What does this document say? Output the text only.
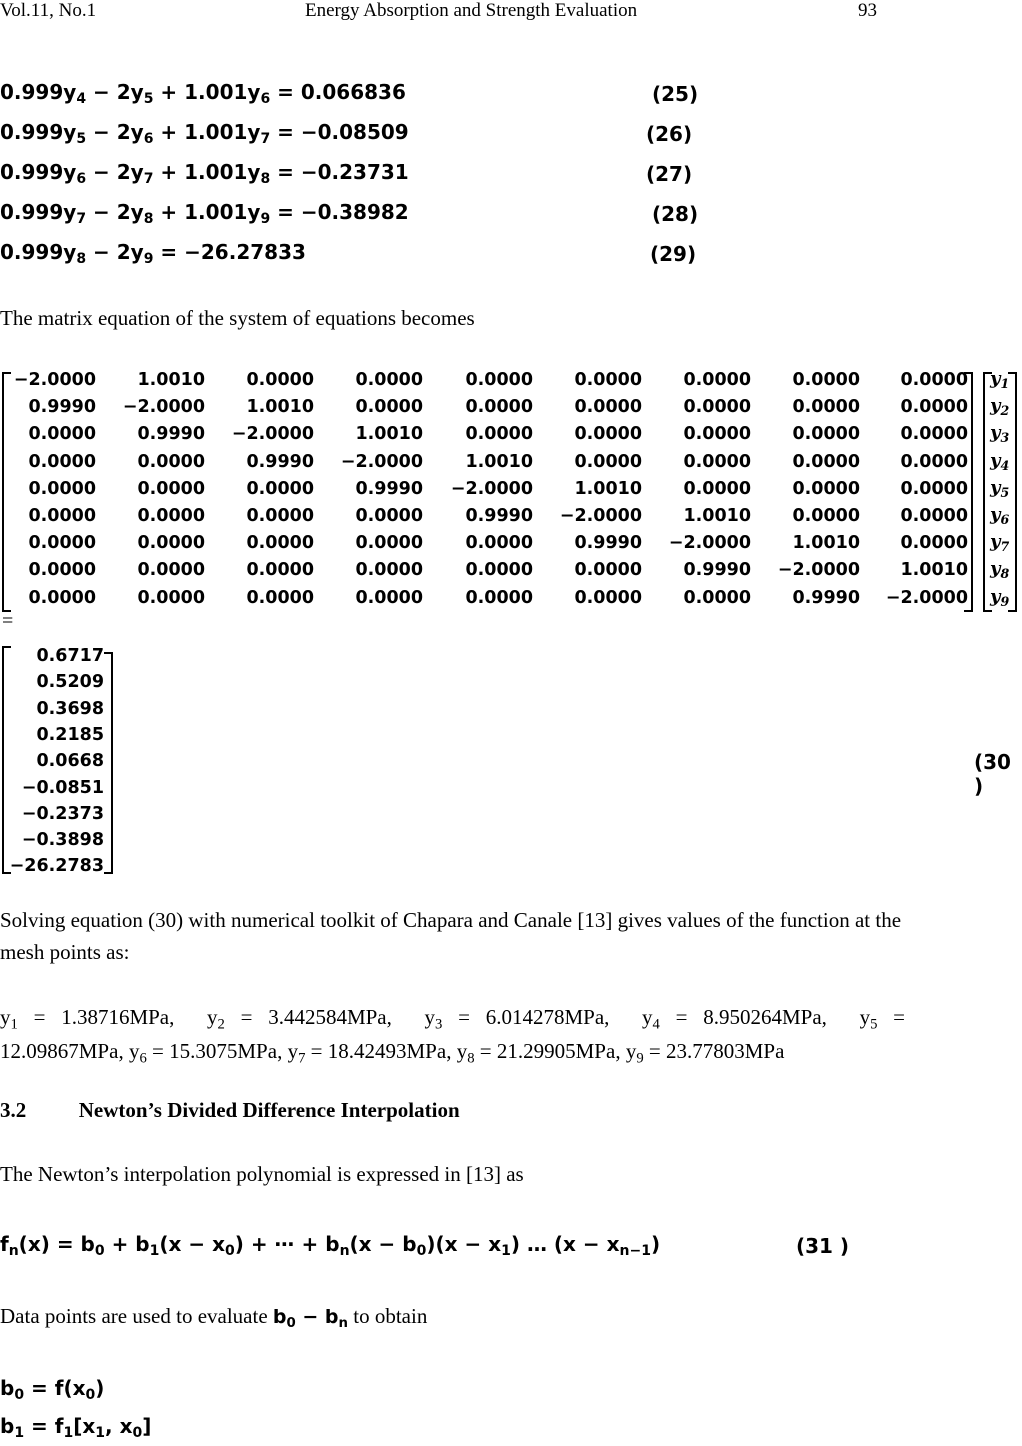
Vol.11, No.1	Energy Absorption and Strength Evaluation	93
$0.999y_4 - 2y_5 + 1.001y_6 = 0.066836$	(25)
$0.999y_5 - 2y_6 + 1.001y_7 = -0.08509$	(26)
$0.999y_6 - 2y_7 + 1.001y_8 = -0.23731$	(27)
$0.999y_7 - 2y_8 + 1.001y_9 = -0.38982$	(28)
$0.999y_8 - 2y_9 = -26.27833$	(29)
The matrix equation of the system of equations becomes
−2.0000	1.0010	0.0000	0.0000	0.0000	0.0000	0.0000	0.0000	0.0000
0.9990	−2.0000	1.0010	0.0000	0.0000	0.0000	0.0000	0.0000	0.0000
0.0000	0.9990	−2.0000	1.0010	0.0000	0.0000	0.0000	0.0000	0.0000
0.0000	0.0000	0.9990	−2.0000	1.0010	0.0000	0.0000	0.0000	0.0000
0.0000	0.0000	0.0000	0.9990	−2.0000	1.0010	0.0000	0.0000	0.0000
0.0000	0.0000	0.0000	0.0000	0.9990	−2.0000	1.0010	0.0000	0.0000
0.0000	0.0000	0.0000	0.0000	0.0000	0.9990	−2.0000	1.0010	0.0000
0.0000	0.0000	0.0000	0.0000	0.0000	0.0000	0.9990	−2.0000	1.0010
0.0000	0.0000	0.0000	0.0000	0.0000	0.0000	0.0000	0.9990	−2.0000
$y_1$
$y_2$
$y_3$
$y_4$
$y_5$
$y_6$
$y_7$
$y_8$
$y_9$
=
0.6717
0.5209
0.3698
0.2185
0.0668
−0.0851
−0.2373
−0.3898
−26.2783
(30 )
Solving equation (30) with numerical toolkit of Chapara and Canale [13] gives values of the function at the mesh points as:
$y_1 = 1.38716MPa$ , $y_2 = 3.442584MPa$ , $y_3 = 6.014278MPa$ , $y_4 = 8.950264MPa$ , $y_5$   =
12.09867MPa, $y_6 = 15.3075MPa$, $y_7 = 18.42493MPa$, $y_8 = 21.29905MPa$, $y_9 = 23.77803MPa$
3.2	Newton’s Divided Difference Interpolation
The Newton’s interpolation polynomial is expressed in [13] as
$f_n(x) = b_0 + b_1(x - x_0)$ + ⋯ + $b_n(x - b_0)(x - x_1)$ … $(x - x_{n-1})$	(31 )
Data points are used to evaluate $b_0 - b_n$ to obtain
$b_0 = f(x_0)$
$b_1 = f_1[x_1$, $x_0$]
